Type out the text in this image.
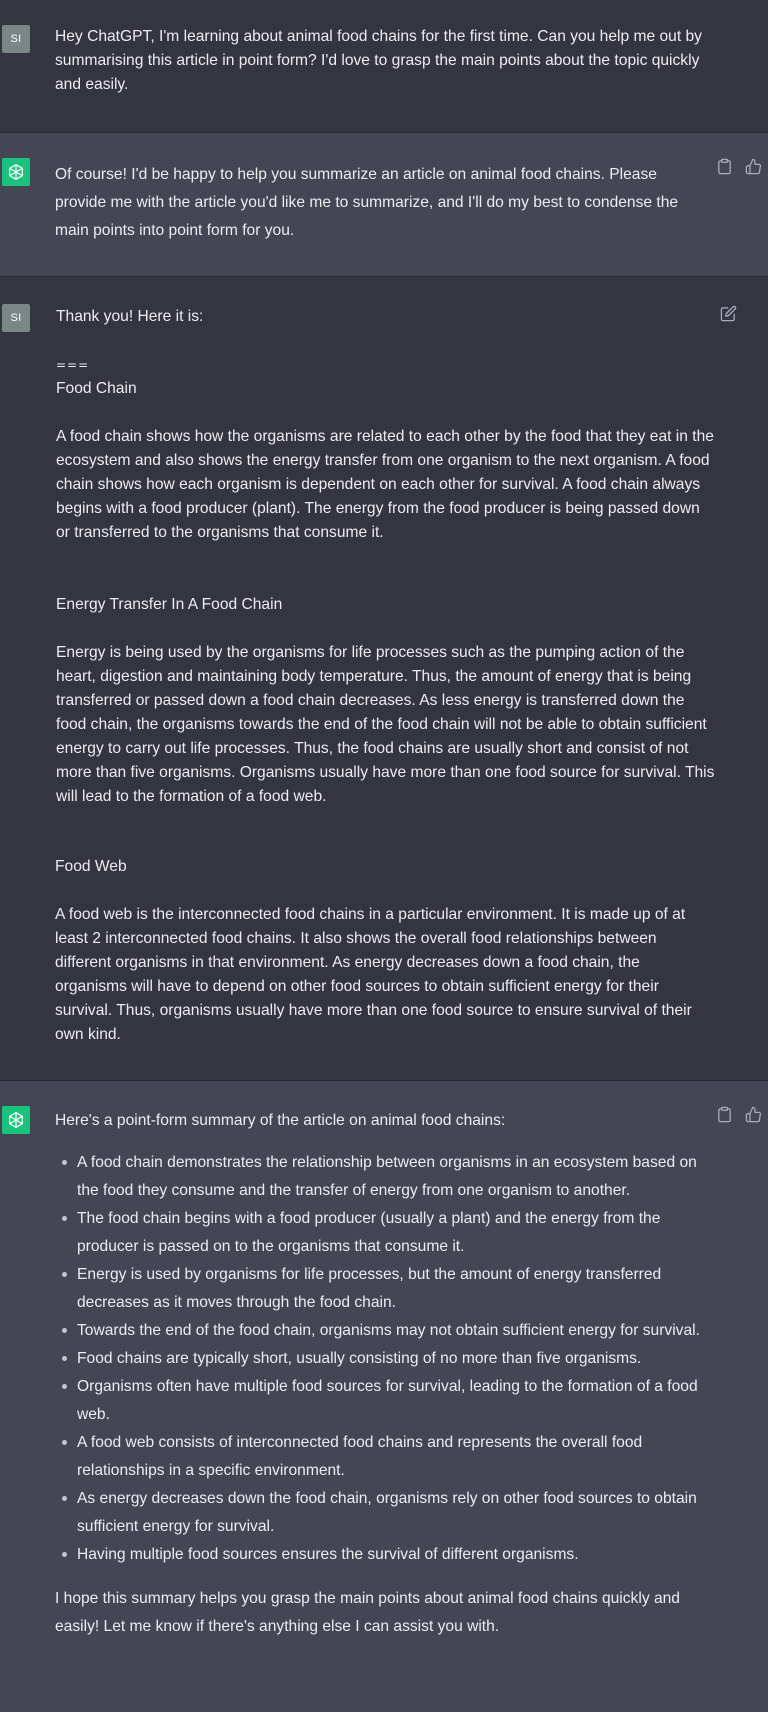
SI Hey ChatGPT, I'm learning about animal food chains for the first time. Can you help me out by summarising this article in point form? I'd love to grasp the main points about the topic quickly and easily.

Of course! I'd be happy to help you summarize an article on animal food chains. Please provide me with the article you'd like me to summarize, and I'll do my best to condense the main points into point form for you.

SI Thank you! Here it is:

===

Food Chain

A food chain shows how the organisms are related to each other by the food that they eat in the ecosystem and also shows the energy transfer from one organism to the next organism. A food chain shows how each organism is dependent on each other for survival. A food chain always begins with a food producer (plant). The energy from the food producer is being passed down or transferred to the organisms that consume it.

Energy Transfer In A Food Chain

Energy is being used by the organisms for life processes such as the pumping action of the heart, digestion and maintaining body temperature. Thus, the amount of energy that is being transferred or passed down a food chain decreases. As less energy is transferred down the food chain, the organisms towards the end of the food chain will not be able to obtain sufficient energy to carry out life processes. Thus, the food chains are usually short and consist of not more than five organisms. Organisms usually have more than one food source for survival. This will lead to the formation of a food web.

Food Web

A food web is the interconnected food chains in a particular environment. It is made up of at least 2 interconnected food chains. It also shows the overall food relationships between different organisms in that environment. As energy decreases down a food chain, the organisms will have to depend on other food sources to obtain sufficient energy for their survival. Thus, organisms usually have more than one food source to ensure survival of their own kind.

Here's a point-form summary of the article on animal food chains:

A food chain demonstrates the relationship between organisms in an ecosystem based on the food they consume and the transfer of energy from one organism to another.
The food chain begins with a food producer (usually a plant) and the energy from the producer is passed on to the organisms that consume it.
Energy is used by organisms for life processes, but the amount of energy transferred decreases as it moves through the food chain.
Towards the end of the food chain, organisms may not obtain sufficient energy for survival.
Food chains are typically short, usually consisting of no more than five organisms.
Organisms often have multiple food sources for survival, leading to the formation of a food web.
A food web consists of interconnected food chains and represents the overall food relationships in a specific environment.
As energy decreases down the food chain, organisms rely on other food sources to obtain sufficient energy for survival.
Having multiple food sources ensures the survival of different organisms.

I hope this summary helps you grasp the main points about animal food chains quickly and easily! Let me know if there's anything else I can assist you with.
